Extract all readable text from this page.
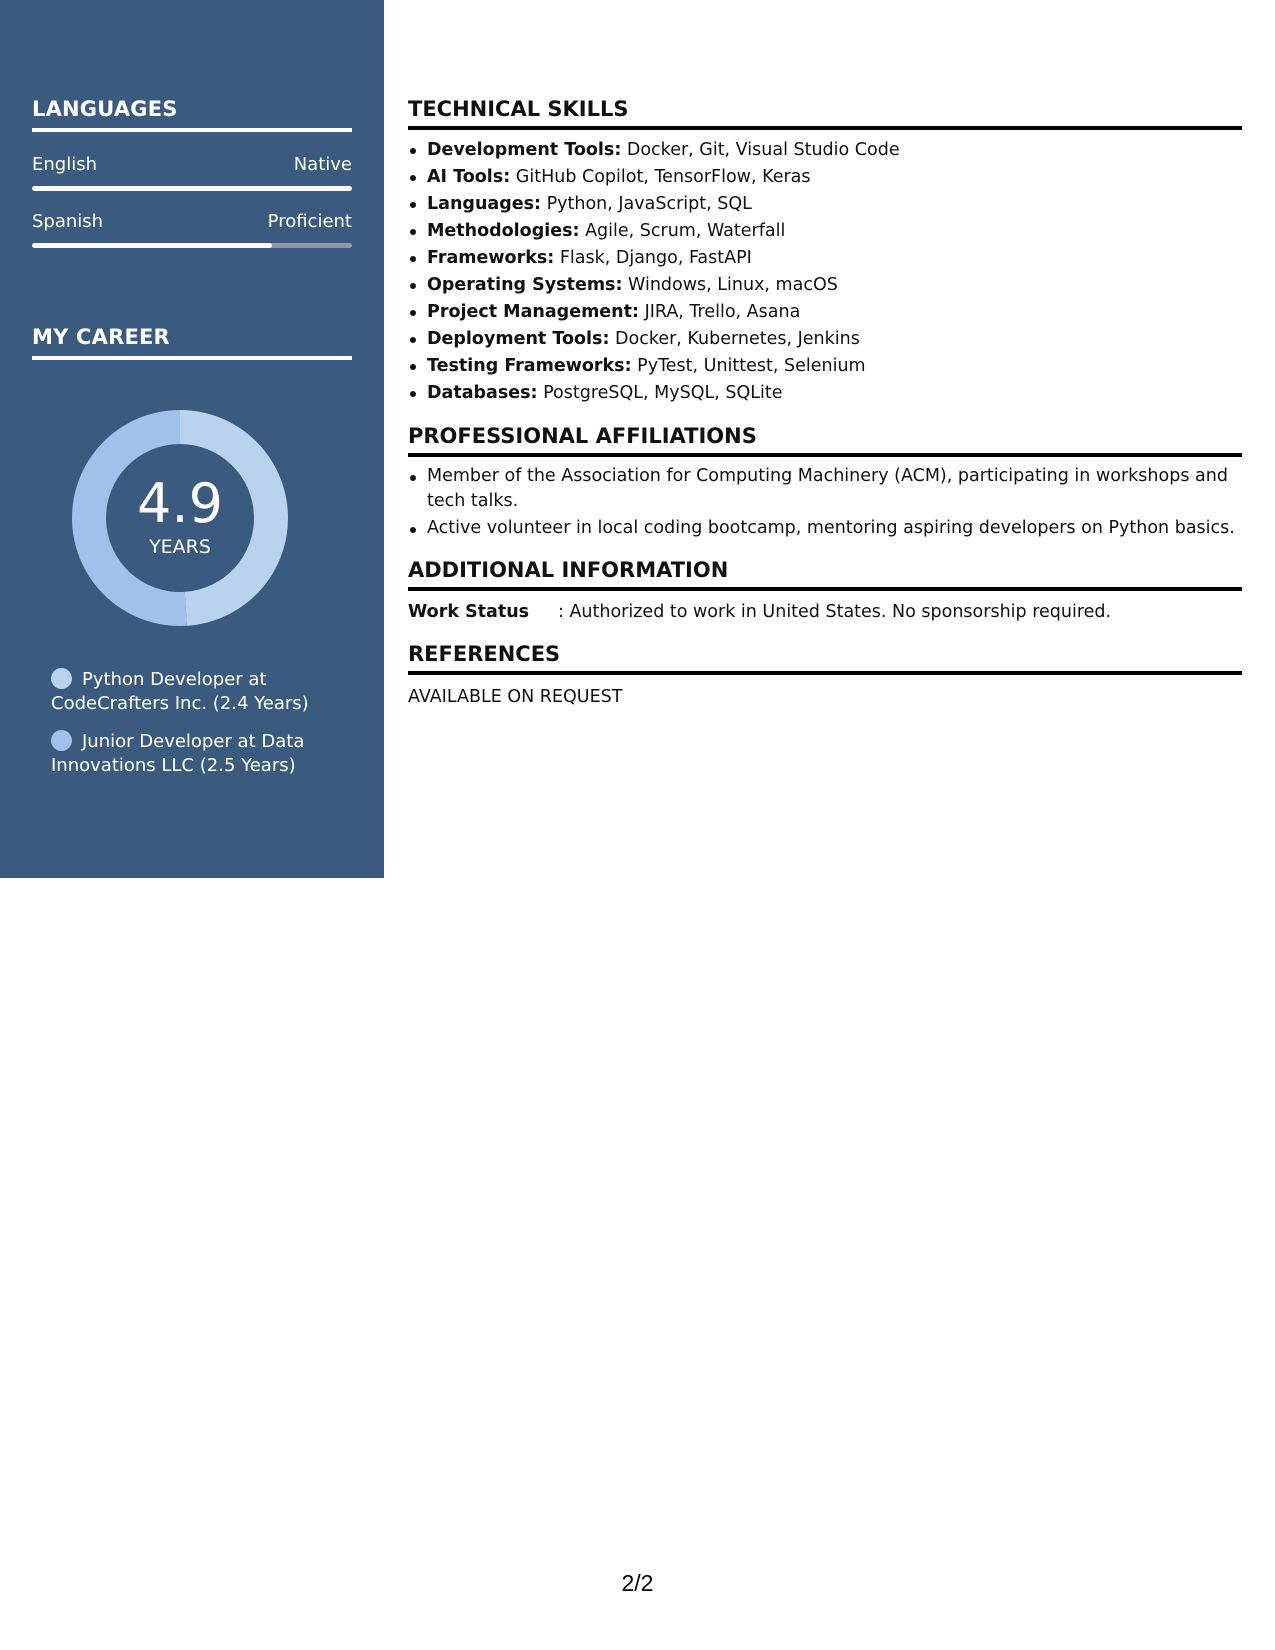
LANGUAGES
English	Native
Spanish	Proficient
MY CAREER
4.9
YEARS
Python Developer at CodeCrafters Inc. (2.4 Years)
Junior Developer at Data Innovations LLC (2.5 Years)
TECHNICAL SKILLS
Development Tools: Docker, Git, Visual Studio Code
AI Tools: GitHub Copilot, TensorFlow, Keras
Languages: Python, JavaScript, SQL
Methodologies: Agile, Scrum, Waterfall
Frameworks: Flask, Django, FastAPI
Operating Systems: Windows, Linux, macOS
Project Management: JIRA, Trello, Asana
Deployment Tools: Docker, Kubernetes, Jenkins
Testing Frameworks: PyTest, Unittest, Selenium
Databases: PostgreSQL, MySQL, SQLite
PROFESSIONAL AFFILIATIONS
Member of the Association for Computing Machinery (ACM), participating in workshops and tech talks.
Active volunteer in local coding bootcamp, mentoring aspiring developers on Python basics.
ADDITIONAL INFORMATION
Work Status	: Authorized to work in United States. No sponsorship required.
REFERENCES
AVAILABLE ON REQUEST
2/2
